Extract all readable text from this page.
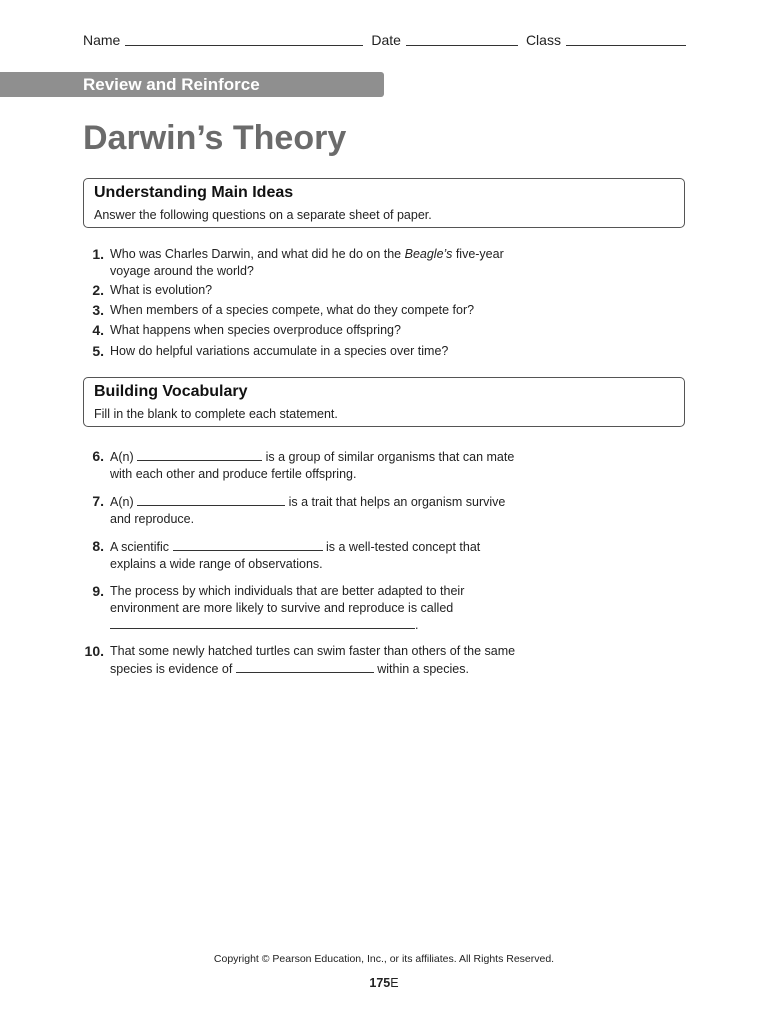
Name	Date	Class
Review and Reinforce
Darwin’s Theory
Understanding Main Ideas
Answer the following questions on a separate sheet of paper.
1. Who was Charles Darwin, and what did he do on the Beagle’s five-year voyage around the world?
2. What is evolution?
3. When members of a species compete, what do they compete for?
4. What happens when species overproduce offspring?
5. How do helpful variations accumulate in a species over time?
Building Vocabulary
Fill in the blank to complete each statement.
6. A(n)	is a group of similar organisms that can mate with each other and produce fertile offspring.
7. A(n)	is a trait that helps an organism survive and reproduce.
8. A scientific	is a well-tested concept that explains a wide range of observations.
9. The process by which individuals that are better adapted to their environment are more likely to survive and reproduce is called .
10. That some newly hatched turtles can swim faster than others of the same species is evidence of	within a species.
Copyright © Pearson Education, Inc., or its affiliates. All Rights Reserved.
175E
